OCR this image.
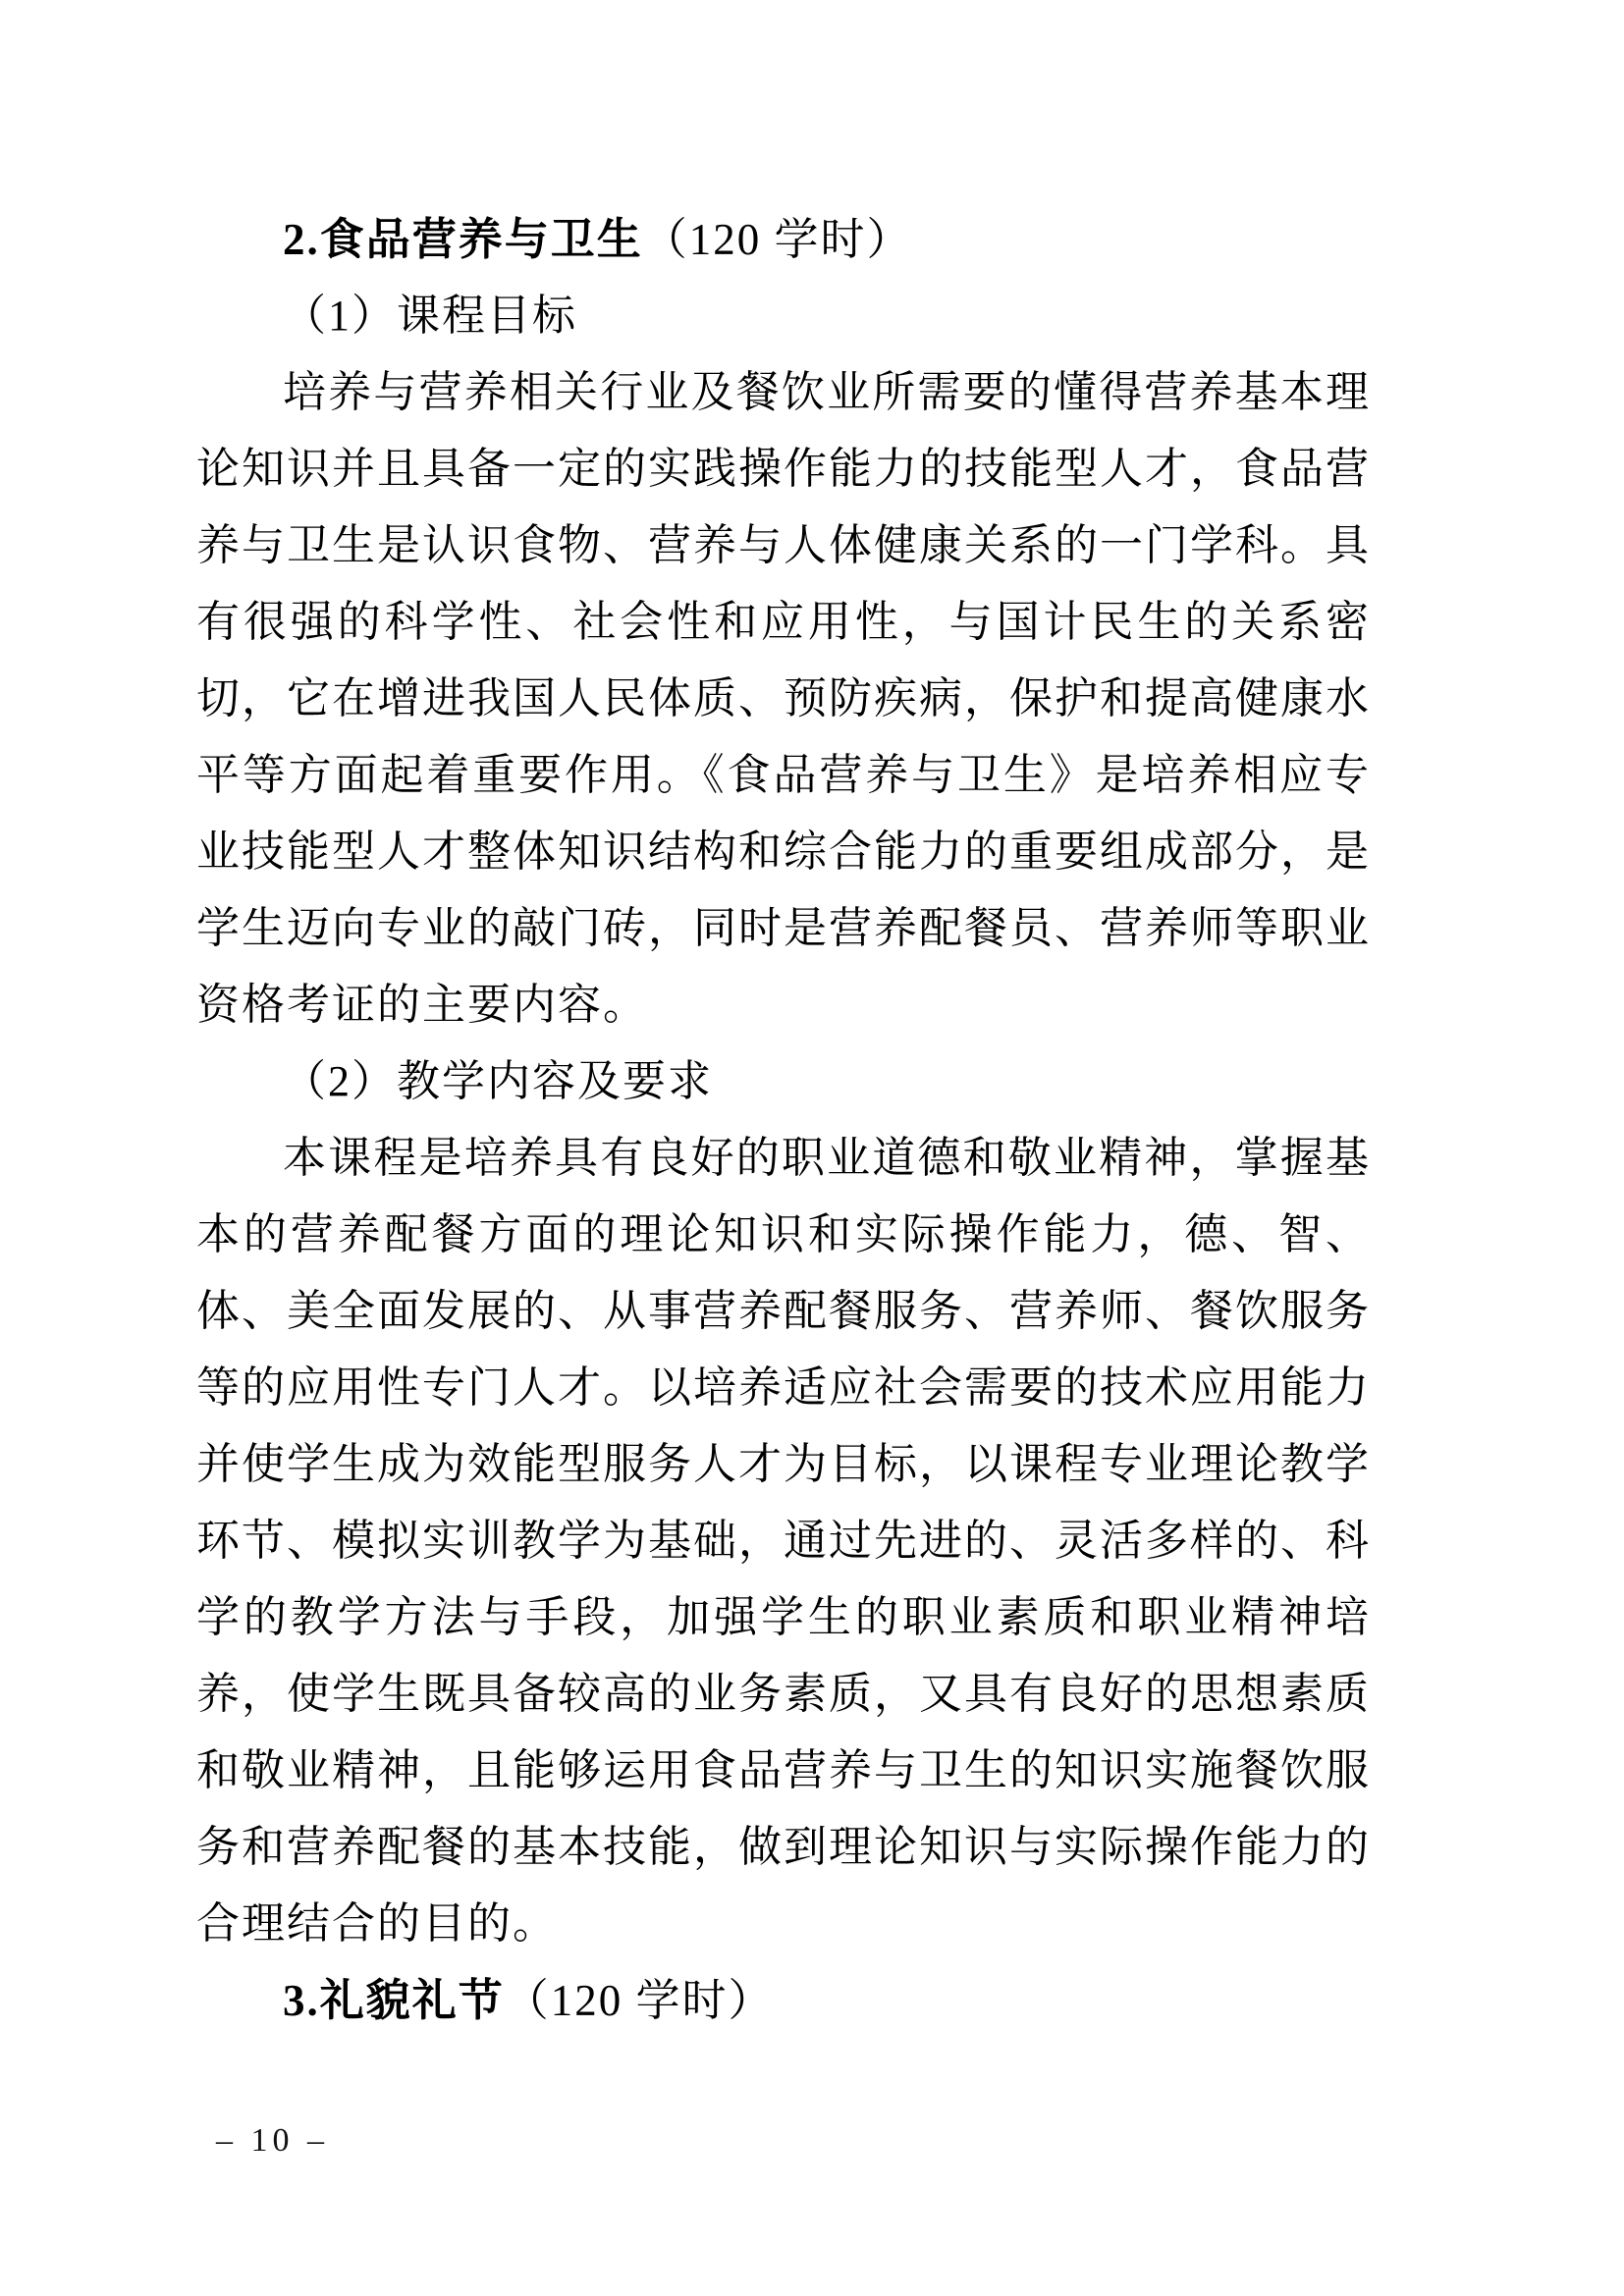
2.食品营养与卫生（120 学时）

（1）课程目标

培养与营养相关行业及餐饮业所需要的懂得营养基本理论知识并且具备一定的实践操作能力的技能型人才，食品营养与卫生是认识食物、营养与人体健康关系的一门学科。具有很强的科学性、社会性和应用性，与国计民生的关系密切，它在增进我国人民体质、预防疾病，保护和提高健康水平等方面起着重要作用。《食品营养与卫生》是培养相应专业技能型人才整体知识结构和综合能力的重要组成部分，是学生迈向专业的敲门砖，同时是营养配餐员、营养师等职业资格考证的主要内容。

（2）教学内容及要求

本课程是培养具有良好的职业道德和敬业精神，掌握基本的营养配餐方面的理论知识和实际操作能力，德、智、体、美全面发展的、从事营养配餐服务、营养师、餐饮服务等的应用性专门人才。以培养适应社会需要的技术应用能力并使学生成为效能型服务人才为目标，以课程专业理论教学环节、模拟实训教学为基础，通过先进的、灵活多样的、科学的教学方法与手段，加强学生的职业素质和职业精神培养，使学生既具备较高的业务素质，又具有良好的思想素质和敬业精神，且能够运用食品营养与卫生的知识实施餐饮服务和营养配餐的基本技能，做到理论知识与实际操作能力的合理结合的目的。

3.礼貌礼节（120 学时）
– 10 –
